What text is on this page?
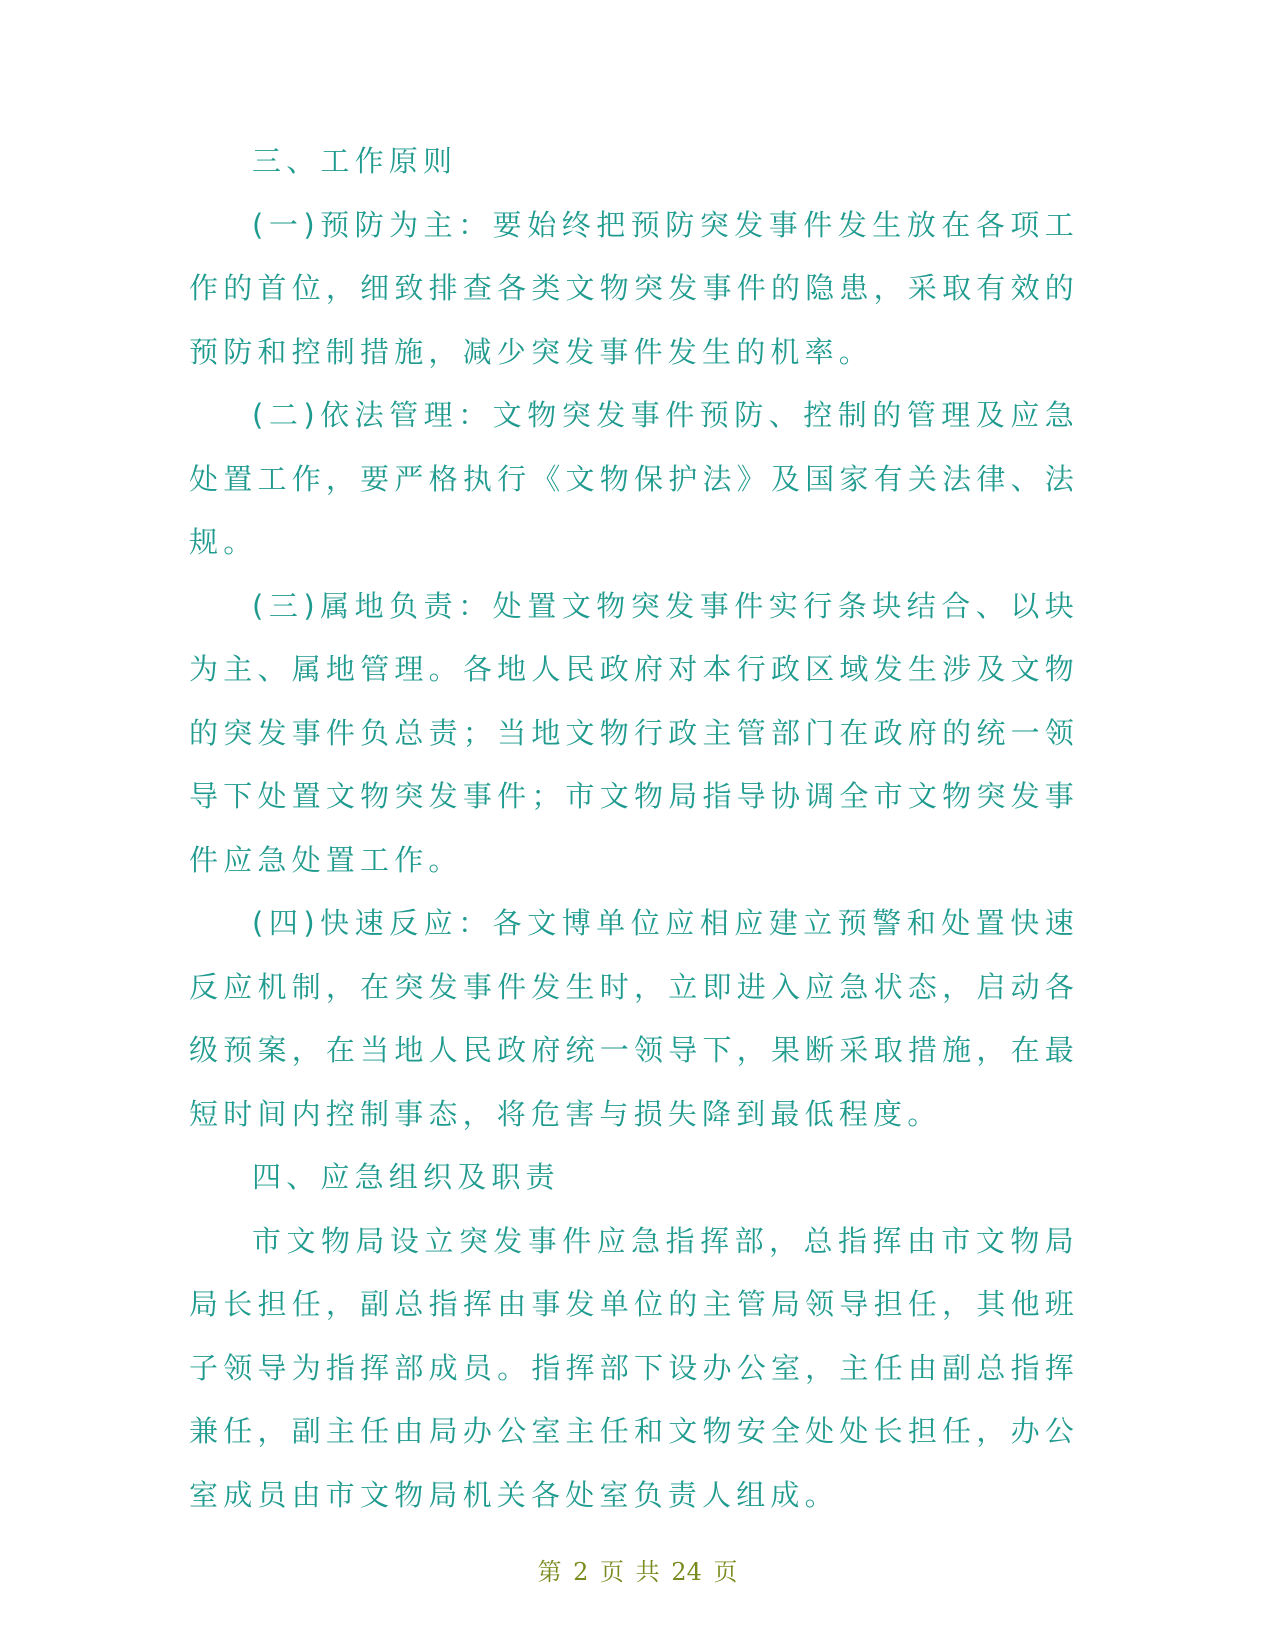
三、工作原则

(一)预防为主：要始终把预防突发事件发生放在各项工作的首位，细致排查各类文物突发事件的隐患，采取有效的预防和控制措施，减少突发事件发生的机率。

(二)依法管理：文物突发事件预防、控制的管理及应急处置工作，要严格执行《文物保护法》及国家有关法律、法规。

(三)属地负责：处置文物突发事件实行条块结合、以块为主、属地管理。各地人民政府对本行政区域发生涉及文物的突发事件负总责；当地文物行政主管部门在政府的统一领导下处置文物突发事件；市文物局指导协调全市文物突发事件应急处置工作。

(四)快速反应：各文博单位应相应建立预警和处置快速反应机制，在突发事件发生时，立即进入应急状态，启动各级预案，在当地人民政府统一领导下，果断采取措施，在最短时间内控制事态，将危害与损失降到最低程度。

四、应急组织及职责

市文物局设立突发事件应急指挥部，总指挥由市文物局局长担任，副总指挥由事发单位的主管局领导担任，其他班子领导为指挥部成员。指挥部下设办公室，主任由副总指挥兼任，副主任由局办公室主任和文物安全处处长担任，办公室成员由市文物局机关各处室负责人组成。

第 2 页 共 24 页
